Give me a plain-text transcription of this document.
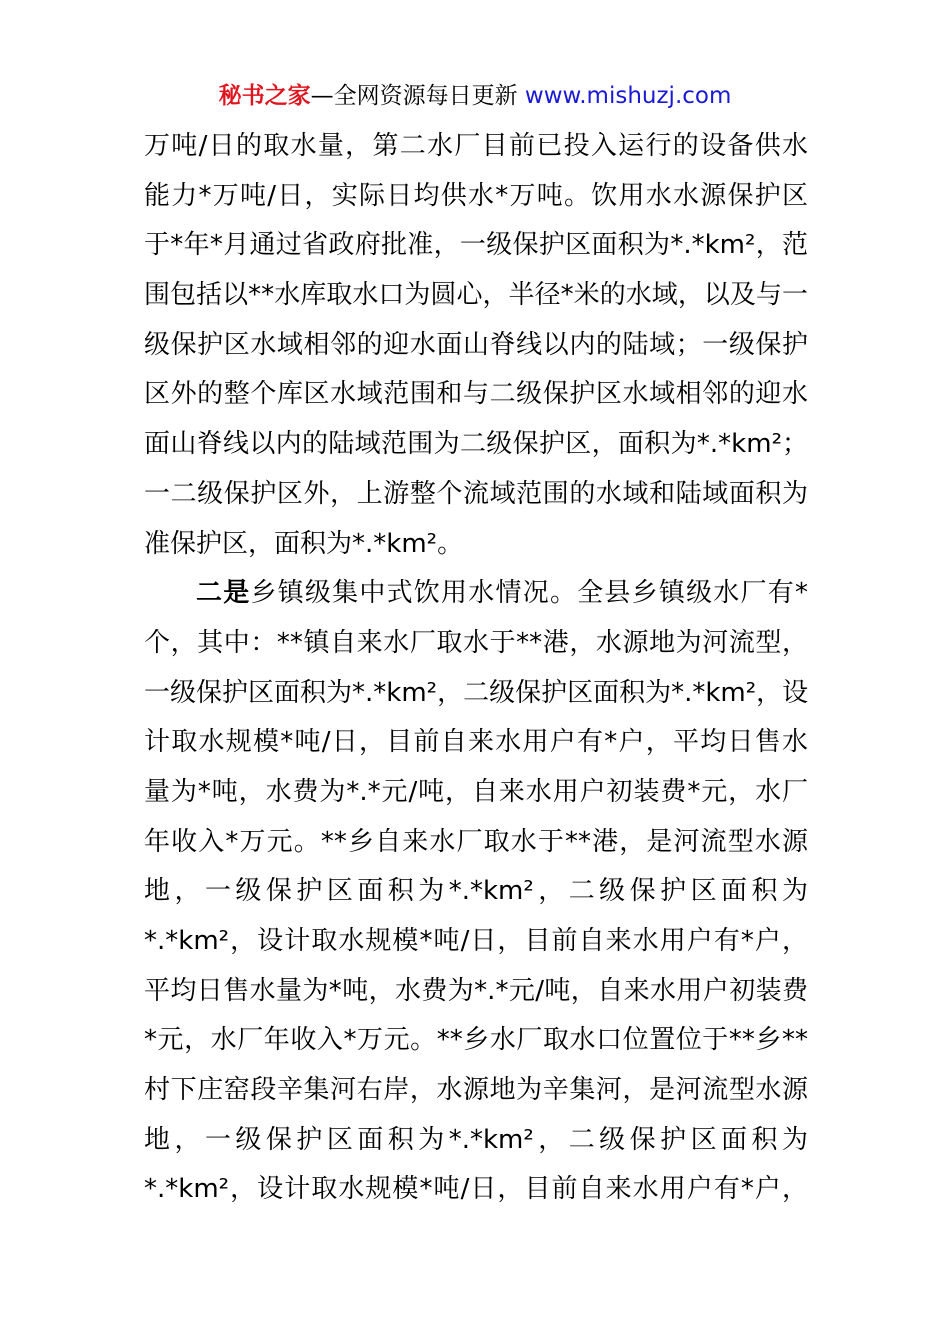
秘书之家—全网资源每日更新 www.mishuzj.com
万吨/日的取水量，第二水厂目前已投入运行的设备供水
能力*万吨/日，实际日均供水*万吨。饮用水水源保护区
于*年*月通过省政府批准，一级保护区面积为*.*km²，范
围包括以**水库取水口为圆心，半径*米的水域，以及与一
级保护区水域相邻的迎水面山脊线以内的陆域；一级保护
区外的整个库区水域范围和与二级保护区水域相邻的迎水
面山脊线以内的陆域范围为二级保护区，面积为*.*km²；
一二级保护区外，上游整个流域范围的水域和陆域面积为
准保护区，面积为*.*km²。
二是乡镇级集中式饮用水情况。全县乡镇级水厂有*
个，其中：**镇自来水厂取水于**港，水源地为河流型，
一级保护区面积为*.*km²，二级保护区面积为*.*km²，设
计取水规模*吨/日，目前自来水用户有*户，平均日售水
量为*吨，水费为*.*元/吨，自来水用户初装费*元，水厂
年收入*万元。**乡自来水厂取水于**港，是河流型水源
地，一级保护区面积为*.*km²，二级保护区面积为
*.*km²，设计取水规模*吨/日，目前自来水用户有*户，
平均日售水量为*吨，水费为*.*元/吨，自来水用户初装费
*元，水厂年收入*万元。**乡水厂取水口位置位于**乡**
村下庄窑段辛集河右岸，水源地为辛集河，是河流型水源
地，一级保护区面积为*.*km²，二级保护区面积为
*.*km²，设计取水规模*吨/日，目前自来水用户有*户，
